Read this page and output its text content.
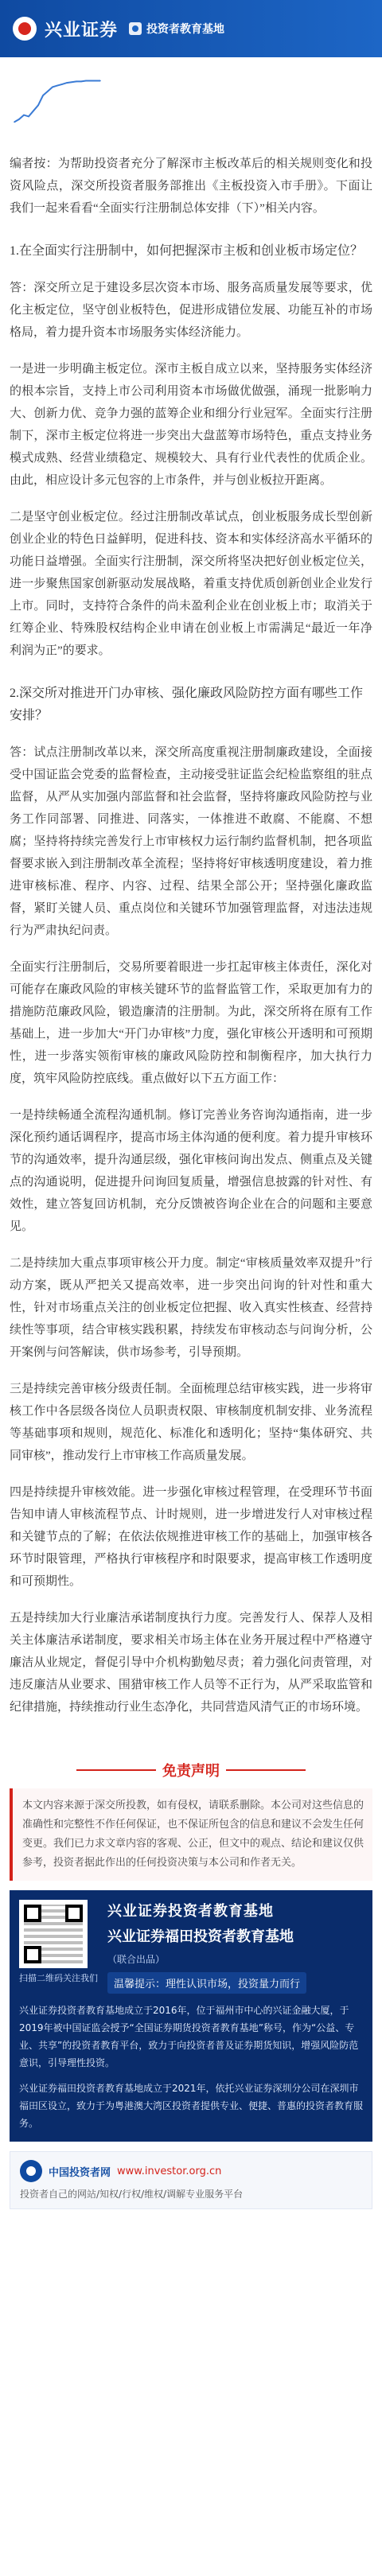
兴业证券	投资者教育基地
编者按：为帮助投资者充分了解深市主板改革后的相关规则变化和投资风险点，深交所投资者服务部推出《主板投资入市手册》。下面让我们一起来看看“全面实行注册制总体安排（下）”相关内容。
1.在全面实行注册制中，如何把握深市主板和创业板市场定位？
答：深交所立足于建设多层次资本市场、服务高质量发展等要求，优化主板定位，坚守创业板特色，促进形成错位发展、功能互补的市场格局，着力提升资本市场服务实体经济能力。
一是进一步明确主板定位。深市主板自成立以来，坚持服务实体经济的根本宗旨，支持上市公司利用资本市场做优做强，涌现一批影响力大、创新力优、竞争力强的蓝筹企业和细分行业冠军。全面实行注册制下，深市主板定位将进一步突出大盘蓝筹市场特色，重点支持业务模式成熟、经营业绩稳定、规模较大、具有行业代表性的优质企业。由此，相应设计多元包容的上市条件，并与创业板拉开距离。
二是坚守创业板定位。经过注册制改革试点，创业板服务成长型创新创业企业的特色日益鲜明，促进科技、资本和实体经济高水平循环的功能日益增强。全面实行注册制，深交所将坚决把好创业板定位关，进一步聚焦国家创新驱动发展战略，着重支持优质创新创业企业发行上市。同时，支持符合条件的尚未盈利企业在创业板上市；取消关于红筹企业、特殊股权结构企业申请在创业板上市需满足“最近一年净利润为正”的要求。
2.深交所对推进开门办审核、强化廉政风险防控方面有哪些工作安排？
答：试点注册制改革以来，深交所高度重视注册制廉政建设，全面接受中国证监会党委的监督检查，主动接受驻证监会纪检监察组的驻点监督，从严从实加强内部监督和社会监督，坚持将廉政风险防控与业务工作同部署、同推进、同落实，一体推进不敢腐、不能腐、不想腐；坚持将持续完善发行上市审核权力运行制约监督机制，把各项监督要求嵌入到注册制改革全流程；坚持将好审核透明度建设，着力推进审核标准、程序、内容、过程、结果全部公开；坚持强化廉政监督，紧盯关键人员、重点岗位和关键环节加强管理监督，对违法违规行为严肃执纪问责。
全面实行注册制后，交易所要着眼进一步扛起审核主体责任，深化对可能存在廉政风险的审核关键环节的监督监管工作，采取更加有力的措施防范廉政风险，锻造廉清的注册制。为此，深交所将在原有工作基础上，进一步加大“开门办审核”力度，强化审核公开透明和可预期性，进一步落实领衔审核的廉政风险防控和制衡程序，加大执行力度，筑牢风险防控底线。重点做好以下五方面工作：
一是持续畅通全流程沟通机制。修订完善业务咨询沟通指南，进一步深化预约通话调程序，提高市场主体沟通的便利度。着力提升审核环节的沟通效率，提升沟通层级，强化审核问询出发点、侧重点及关键点的沟通说明，促进提升问询回复质量，增强信息披露的针对性、有效性，建立答复回访机制，充分反馈被咨询企业在合的问题和主要意见。
二是持续加大重点事项审核公开力度。制定“审核质量效率双提升”行动方案，既从严把关又提高效率，进一步突出问询的针对性和重大性，针对市场重点关注的创业板定位把握、收入真实性核查、经营持续性等事项，结合审核实践积累，持续发布审核动态与问询分析，公开案例与问答解读，供市场参考，引导预期。
三是持续完善审核分级责任制。全面梳理总结审核实践，进一步将审核工作中各层级各岗位人员职责权限、审核制度机制安排、业务流程等基础事项和规则，规范化、标准化和透明化；坚持“集体研究、共同审核”，推动发行上市审核工作高质量发展。
四是持续提升审核效能。进一步强化审核过程管理，在受理环节书面告知申请人审核流程节点、计时规则，进一步增进发行人对审核过程和关键节点的了解；在依法依规推进审核工作的基础上，加强审核各环节时限管理，严格执行审核程序和时限要求，提高审核工作透明度和可预期性。
五是持续加大行业廉洁承诺制度执行力度。完善发行人、保荐人及相关主体廉洁承诺制度，要求相关市场主体在业务开展过程中严格遵守廉洁从业规定，督促引导中介机构勤勉尽责；着力强化问责管理，对违反廉洁从业要求、围猎审核工作人员等不正行为，从严采取监管和纪律措施，持续推动行业生态净化，共同营造风清气正的市场环境。
免责声明
本文内容来源于深交所投教，如有侵权，请联系删除。本公司对这些信息的准确性和完整性不作任何保证，也不保证所包含的信息和建议不会发生任何变更。我们已力求文章内容的客观、公正，但文中的观点、结论和建议仅供参考，投资者据此作出的任何投资决策与本公司和作者无关。
扫描二维码关注我们
兴业证券投资者教育基地
兴业证券福田投资者教育基地
（联合出品）
温馨提示：理性认识市场，投资量力而行
兴业证券投资者教育基地成立于2016年，位于福州市中心的兴证金融大厦，于2019年被中国证监会授予“全国证券期货投资者教育基地”称号，作为“公益、专业、共享”的投资者教育平台，致力于向投资者普及证券期货知识，增强风险防范意识，引导理性投资。
兴业证券福田投资者教育基地成立于2021年，依托兴业证券深圳分公司在深圳市福田区设立，致力于为粤港澳大湾区投资者提供专业、便捷、普惠的投资者教育服务。
中国投资者网 www.investor.org.cn
投资者自己的网站/知权/行权/维权/调解专业服务平台
